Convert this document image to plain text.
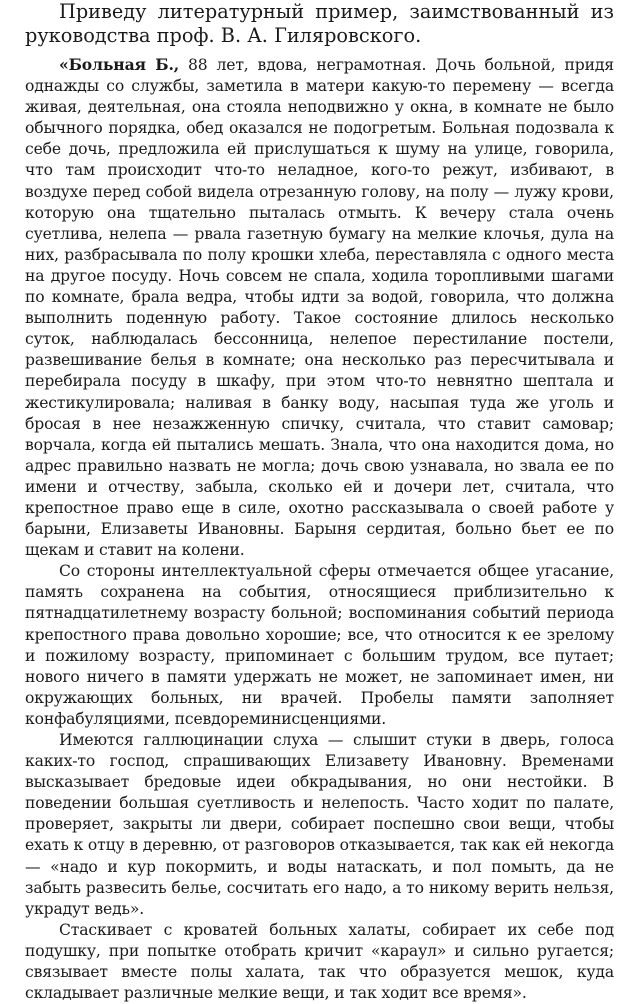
Приведу литературный пример, заимствованный из руководства проф. В. А. Гиляровского.

«Больная Б., 88 лет, вдова, неграмотная. Дочь больной, придя однажды со службы, заметила в матери какую-то перемену — всегда живая, деятельная, она стояла неподвижно у окна, в комнате не было обычного порядка, обед оказался не подогретым. Больная подозвала к себе дочь, предложила ей прислушаться к шуму на улице, говорила, что там происходит что-то неладное, кого-то режут, избивают, в воздухе перед собой видела отрезанную голову, на полу — лужу крови, которую она тщательно пыталась отмыть. К вечеру стала очень суетлива, нелепа — рвала газетную бумагу на мелкие клочья, дула на них, разбрасывала по полу крошки хлеба, переставляла с одного места на другое посуду. Ночь совсем не спала, ходила торопливыми шагами по комнате, брала ведра, чтобы идти за водой, говорила, что должна выполнить поденную работу. Такое состояние длилось несколько суток, наблюдалась бессонница, нелепое перестилание постели, развешивание белья в комнате; она несколько раз пересчитывала и перебирала посуду в шкафу, при этом что-то невнятно шептала и жестикулировала; наливая в банку воду, насыпая туда же уголь и бросая в нее незажженную спичку, считала, что ставит самовар; ворчала, когда ей пытались мешать. Знала, что она находится дома, но адрес правильно назвать не могла; дочь свою узнавала, но звала ее по имени и отчеству, забыла, сколько ей и дочери лет, считала, что крепостное право еще в силе, охотно рассказывала о своей работе у барыни, Елизаветы Ивановны. Барыня сердитая, больно бьет ее по щекам и ставит на колени.

Со стороны интеллектуальной сферы отмечается общее угасание, память сохранена на события, относящиеся приблизительно к пятнадцатилетнему возрасту больной; воспоминания событий периода крепостного права довольно хорошие; все, что относится к ее зрелому и пожилому возрасту, припоминает с большим трудом, все путает; нового ничего в памяти удержать не может, не запоминает имен, ни окружающих больных, ни врачей. Пробелы памяти заполняет конфабуляциями, псевдореминисценциями.

Имеются галлюцинации слуха — слышит стуки в дверь, голоса каких-то господ, спрашивающих Елизавету Ивановну. Временами высказывает бредовые идеи обкрадывания, но они нестойки. В поведении большая суетливость и нелепость. Часто ходит по палате, проверяет, закрыты ли двери, собирает поспешно свои вещи, чтобы ехать к отцу в деревню, от разговоров отказывается, так как ей некогда — «надо и кур покормить, и воды натаскать, и пол помыть, да не забыть развесить белье, сосчитать его надо, а то никому верить нельзя, украдут ведь».

Стаскивает с кроватей больных халаты, собирает их себе под подушку, при попытке отобрать кричит «караул» и сильно ругается; связывает вместе полы халата, так что образуется мешок, куда складывает различные мелкие вещи, и так ходит все время».
